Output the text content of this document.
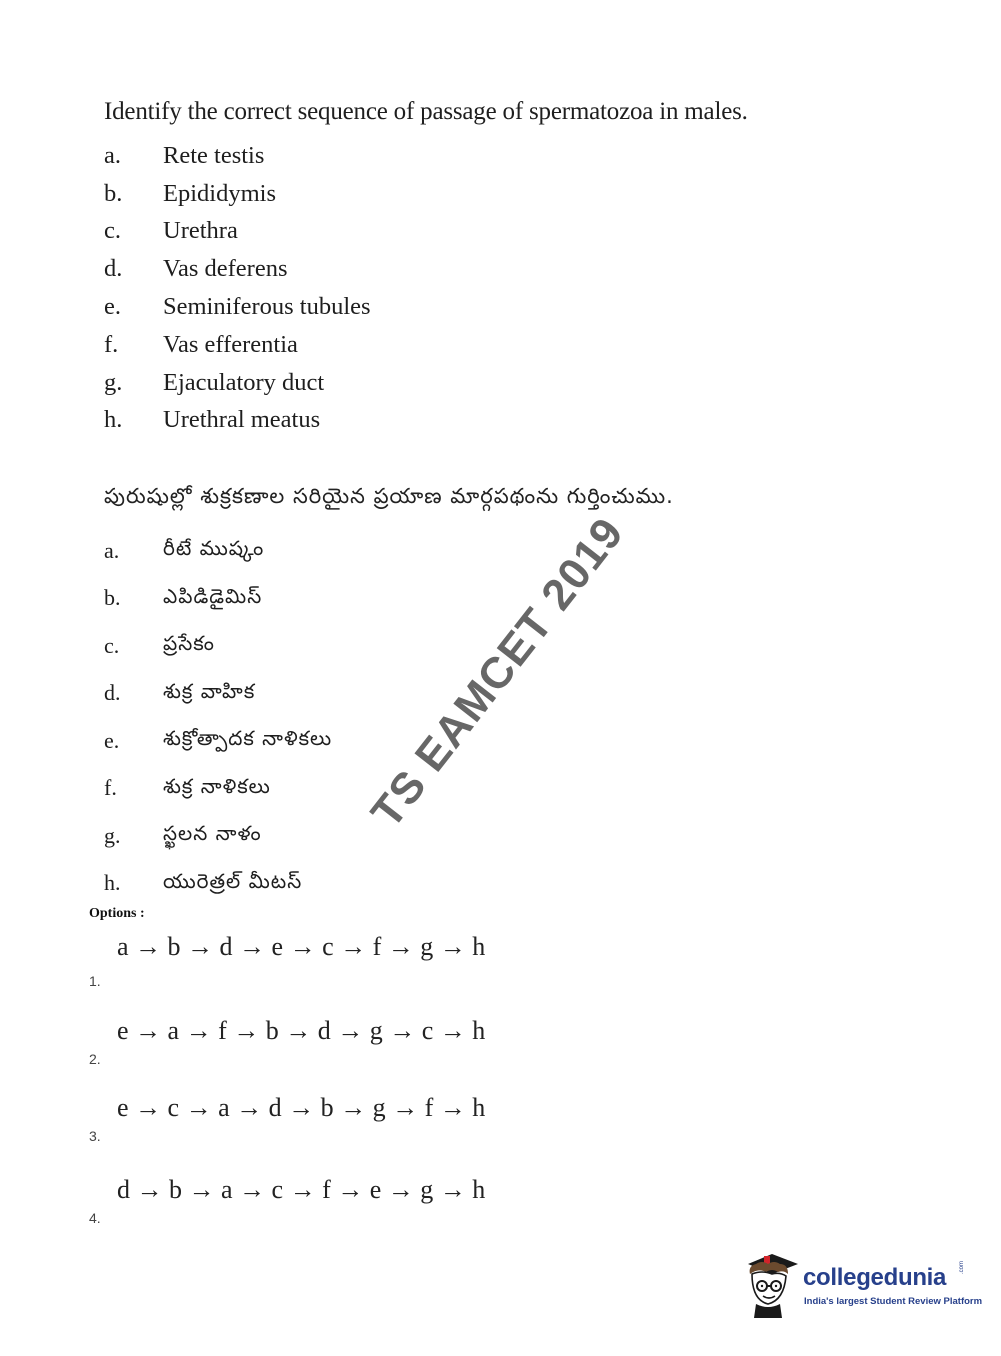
Identify the correct sequence of passage of spermatozoa in males.
a.	Rete testis
b.	Epididymis
c.	Urethra
d.	Vas deferens
e.	Seminiferous tubules
f.	Vas efferentia
g.	Ejaculatory duct
h.	Urethral meatus
పురుషుల్లో శుక్రకణాల సరియైన ప్రయాణ మార్గపథంను గుర్తించుము.
a.	రీటే ముష్కం
b.	ఎపిడిడైమిస్
c.	ప్రసేకం
d.	శుక్ర వాహిక
e.	శుక్రోత్పాదక నాళికలు
f.	శుక్ర నాళికలు
g.	స్ఖలన నాళం
h.	యురెత్రల్ మీటస్
TS EAMCET 2019
Options :
a → b → d → e → c → f → g → h
1.
e → a → f → b → d → g → c → h
2.
e → c → a → d → b → g → f → h
3.
d → b → a → c → f → e → g → h
4.
collegedunia .com
India's largest Student Review Platform
